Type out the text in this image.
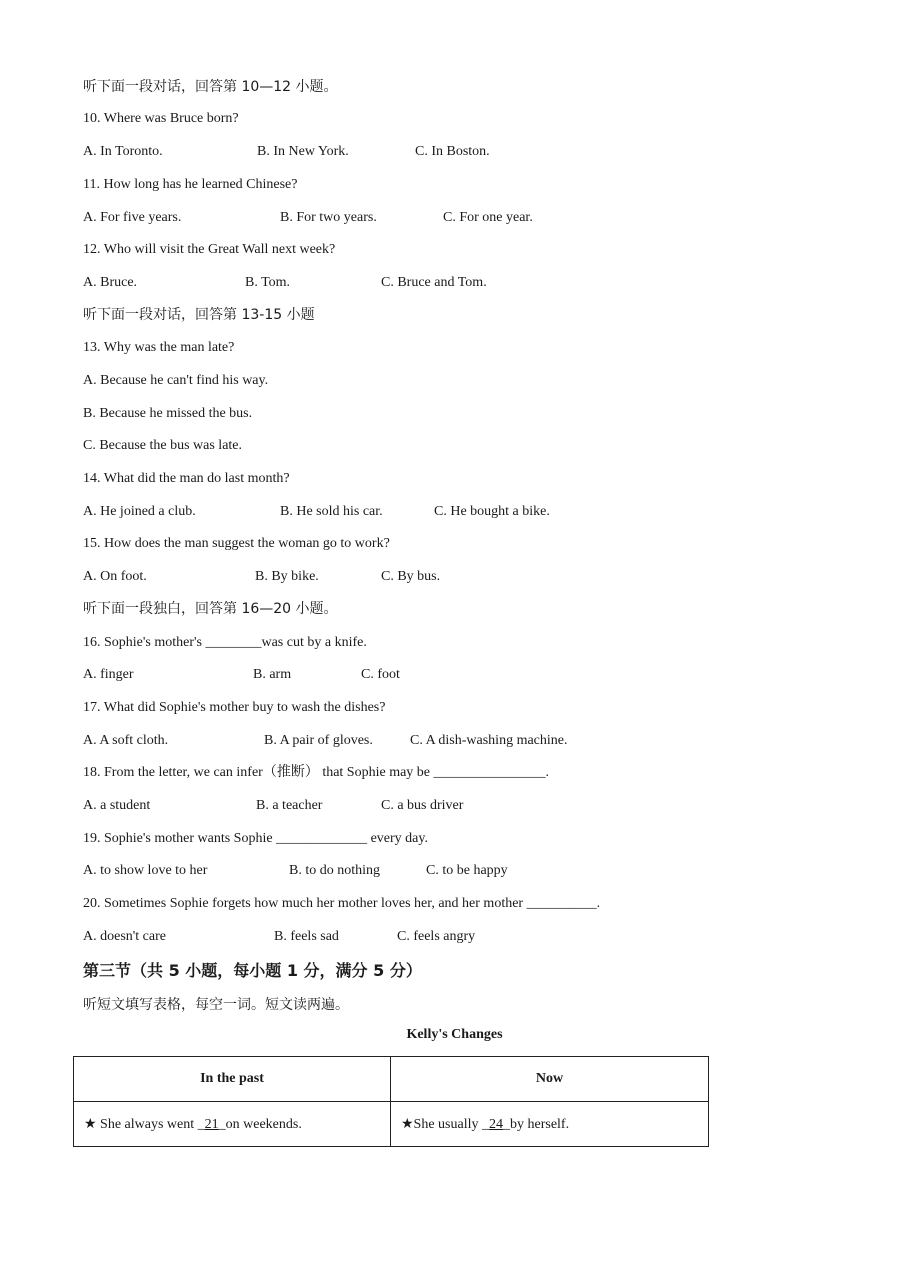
听下面一段对话，回答第 10—12 小题。
10. Where was Bruce born?
A. In Toronto.	B. In New York.	C. In Boston.
11. How long has he learned Chinese?
A. For five years.	B. For two years.	C. For one year.
12. Who will visit the Great Wall next week?
A. Bruce.	B. Tom.	C. Bruce and Tom.
听下面一段对话，回答第 13-15 小题
13. Why was the man late?
A. Because he can't find his way.
B. Because he missed the bus.
C. Because the bus was late.
14. What did the man do last month?
A. He joined a club.	B. He sold his car.	C. He bought a bike.
15. How does the man suggest the woman go to work?
A. On foot.	B. By bike.	C. By bus.
听下面一段独白，回答第 16—20 小题。
16. Sophie's mother's ________was cut by a knife.
A. finger	B. arm	C. foot
17. What did Sophie's mother buy to wash the dishes?
A. A soft cloth.	B. A pair of gloves.	C. A dish-washing machine.
18. From the letter, we can infer（推断） that Sophie may be ________________.
A. a student	B. a teacher	C. a bus driver
19. Sophie's mother wants Sophie _____________ every day.
A. to show love to her	B. to do nothing	C. to be happy
20. Sometimes Sophie forgets how much her mother loves her, and her mother __________.
A. doesn't care	B. feels sad	C. feels angry
第三节（共 5 小题，每小题 1 分，满分 5 分）
听短文填写表格，每空一词。短文读两遍。
Kelly's Changes
In the past	Now
★ She always went _21_on weekends.	★She usually _24_by herself.
